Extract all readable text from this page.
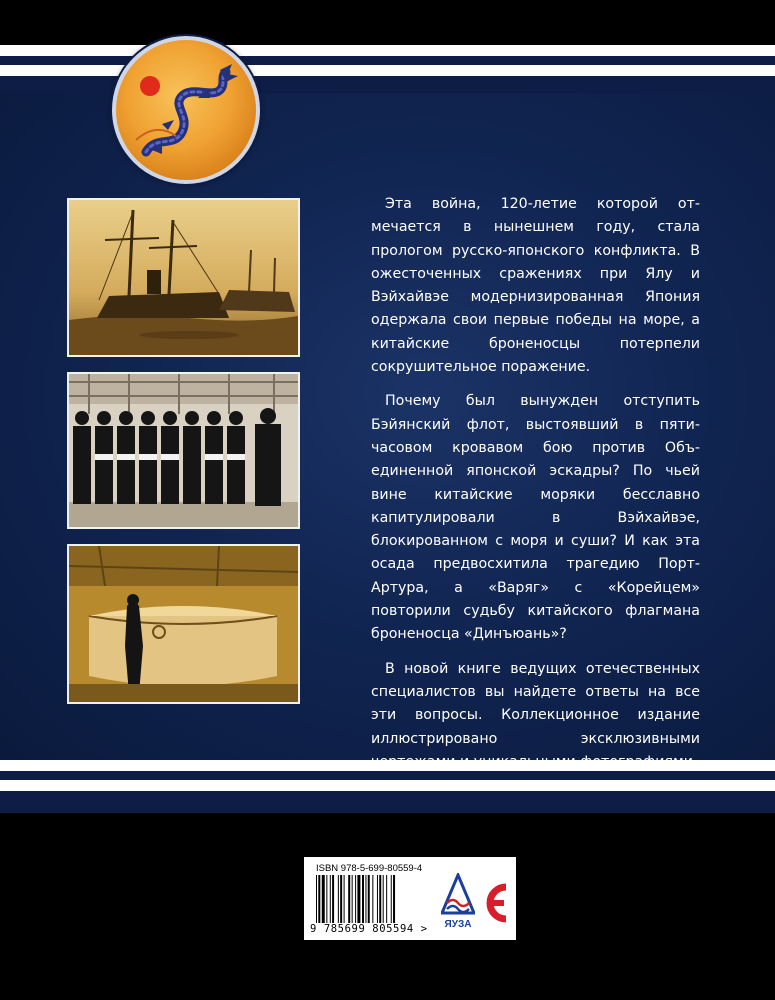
Эта война, 120-летие которой отмечается в нынешнем году, стала прологом русско-японского конфликта. В ожесточенных сражениях при Ялу и Вэйхайвэе модернизированная Япония одержала свои первые победы на море, а китайские броненосцы потерпели сокрушительное поражение.

Почему был вынужден отступить Бэйянский флот, выстоявший в пятичасовом кровавом бою против Объединенной японской эскадры? По чьей вине китайские моряки бесславно капитулировали в Вэйхайвэе, блокированном с моря и суши? И как эта осада предвосхитила трагедию Порт-Артура, а «Варяг» с «Корейцем» повторили судьбу китайского флагмана броненосца «Динъюань»?

В новой книге ведущих отечественных специалистов вы найдете ответы на все эти вопросы. Коллекционное издание иллюстрировано эксклюзивными

ISBN 978-5-699-80559-4
9 785699 805594 > ЯУЗА
